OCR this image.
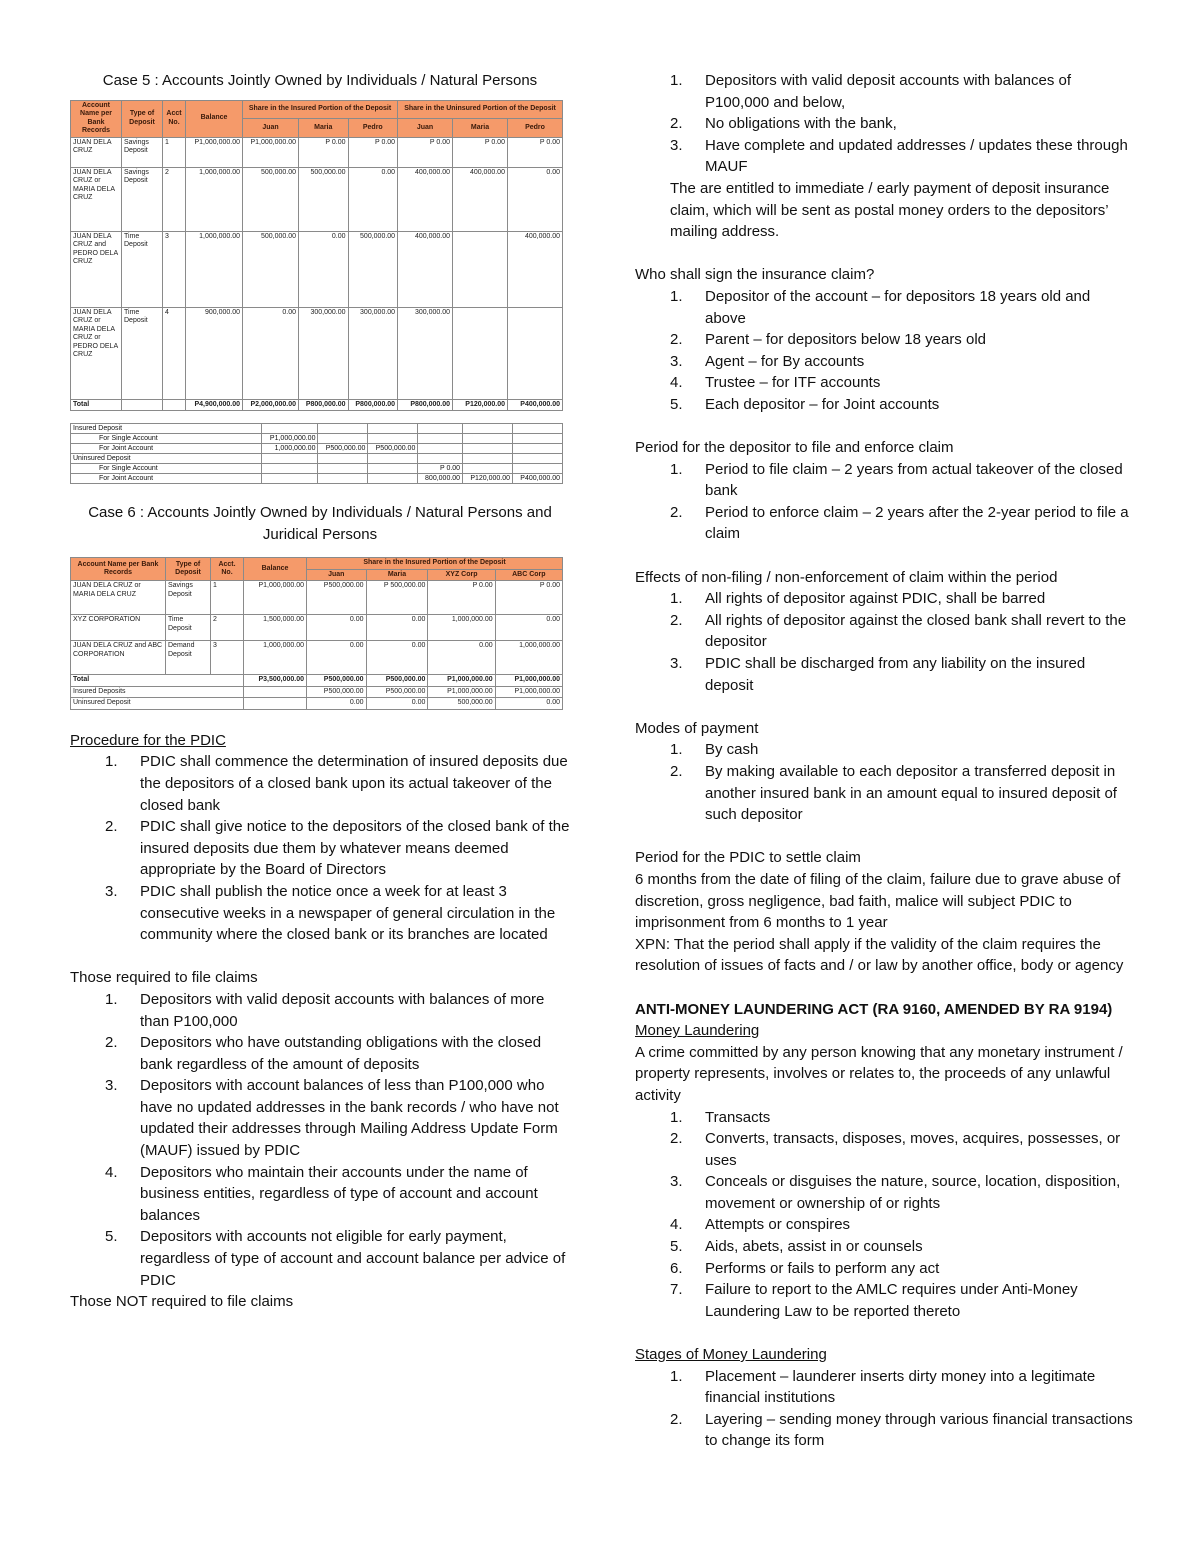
Case 5 : Accounts Jointly Owned by Individuals / Natural Persons
Account Name per Bank Records	Type of Deposit	Acct No.	Balance	Share in the Insured Portion of the Deposit			Share in the Uninsured Portion of the Deposit		
				Juan	Maria	Pedro	Juan	Maria	Pedro
JUAN DELA CRUZ	Savings Deposit	1	P1,000,000.00	P1,000,000.00	P 0.00	P 0.00	P 0.00	P 0.00	P 0.00
JUAN DELA CRUZ or MARIA DELA CRUZ	Savings Deposit	2	1,000,000.00	500,000.00	500,000.00	0.00	400,000.00	400,000.00	0.00
JUAN DELA CRUZ and PEDRO DELA CRUZ	Time Deposit	3	1,000,000.00	500,000.00	0.00	500,000.00	400,000.00		400,000.00
JUAN DELA CRUZ or MARIA DELA CRUZ or PEDRO DELA CRUZ	Time Deposit	4	900,000.00	0.00	300,000.00	300,000.00	300,000.00		
Total			P4,900,000.00	P2,000,000.00	P800,000.00	P800,000.00	P800,000.00	P120,000.00	P400,000.00
Insured Deposit						
For Single Account	P1,000,000.00					
For Joint Account	1,000,000.00	P500,000.00	P500,000.00			
Uninsured Deposit						
For Single Account				P 0.00		
For Joint Account				800,000.00	P120,000.00	P400,000.00
Case 6 : Accounts Jointly Owned by Individuals / Natural Persons and Juridical Persons
Account Name per Bank Records	Type of Deposit	Acct. No.	Balance	Share in the Insured Portion of the Deposit			
				Juan	Maria	XYZ Corp	ABC Corp
JUAN DELA CRUZ or MARIA DELA CRUZ	Savings Deposit	1	P1,000,000.00	P500,000.00	P 500,000.00	P 0.00	P 0.00
XYZ CORPORATION	Time Deposit	2	1,500,000.00	0.00	0.00	1,000,000.00	0.00
JUAN DELA CRUZ and ABC CORPORATION	Demand Deposit	3	1,000,000.00	0.00	0.00	0.00	1,000,000.00
Total			P3,500,000.00	P500,000.00	P500,000.00	P1,000,000.00	P1,000,000.00
Insured Deposits				P500,000.00	P500,000.00	P1,000,000.00	P1,000,000.00
Uninsured Deposit				0.00	0.00	500,000.00	0.00

Procedure for the PDIC

1. PDIC shall commence the determination of insured deposits due the depositors of a closed bank upon its actual takeover of the closed bank
2. PDIC shall give notice to the depositors of the closed bank of the insured deposits due them by whatever means deemed appropriate by the Board of Directors
3. PDIC shall publish the notice once a week for at least 3 consecutive weeks in a newspaper of general circulation in the community where the closed bank or its branches are located

Those required to file claims

1. Depositors with valid deposit accounts with balances of more than P100,000
2. Depositors who have outstanding obligations with the closed bank regardless of the amount of deposits
3. Depositors with account balances of less than P100,000 who have no updated addresses in the bank records / who have not updated their addresses through Mailing Address Update Form (MAUF) issued by PDIC
4. Depositors who maintain their accounts under the name of business entities, regardless of type of account and account balances
5. Depositors with accounts not eligible for early payment, regardless of type of account and account balance per advice of PDIC

Those NOT required to file claims

1. Depositors with valid deposit accounts with balances of P100,000 and below,
2. No obligations with the bank,
3. Have complete and updated addresses / updates these through MAUF

The are entitled to immediate / early payment of deposit insurance claim, which will be sent as postal money orders to the depositors’ mailing address.

Who shall sign the insurance claim?

1. Depositor of the account – for depositors 18 years old and above
2. Parent – for depositors below 18 years old
3. Agent – for By accounts
4. Trustee – for ITF accounts
5. Each depositor – for Joint accounts

Period for the depositor to file and enforce claim

1. Period to file claim – 2 years from actual takeover of the closed bank
2. Period to enforce claim – 2 years after the 2-year period to file a claim

Effects of non-filing / non-enforcement of claim within the period

1. All rights of depositor against PDIC, shall be barred
2. All rights of depositor against the closed bank shall revert to the depositor
3. PDIC shall be discharged from any liability on the insured deposit

Modes of payment

1. By cash
2. By making available to each depositor a transferred deposit in another insured bank in an amount equal to insured deposit of such depositor

Period for the PDIC to settle claim

6 months from the date of filing of the claim, failure due to grave abuse of discretion, gross negligence, bad faith, malice will subject PDIC to imprisonment from 6 months to 1 year

XPN: That the period shall apply if the validity of the claim requires the resolution of issues of facts and / or law by another office, body or agency

ANTI-MONEY LAUNDERING ACT (RA 9160, AMENDED BY RA 9194)

Money Laundering

A crime committed by any person knowing that any monetary instrument / property represents, involves or relates to, the proceeds of any unlawful activity

1. Transacts
2. Converts, transacts, disposes, moves, acquires, possesses, or uses
3. Conceals or disguises the nature, source, location, disposition, movement or ownership of or rights
4. Attempts or conspires
5. Aids, abets, assist in or counsels
6. Performs or fails to perform any act
7. Failure to report to the AMLC requires under Anti-Money Laundering Law to be reported thereto

Stages of Money Laundering

1. Placement – launderer inserts dirty money into a legitimate financial institutions
2. Layering – sending money through various financial transactions to change its form
